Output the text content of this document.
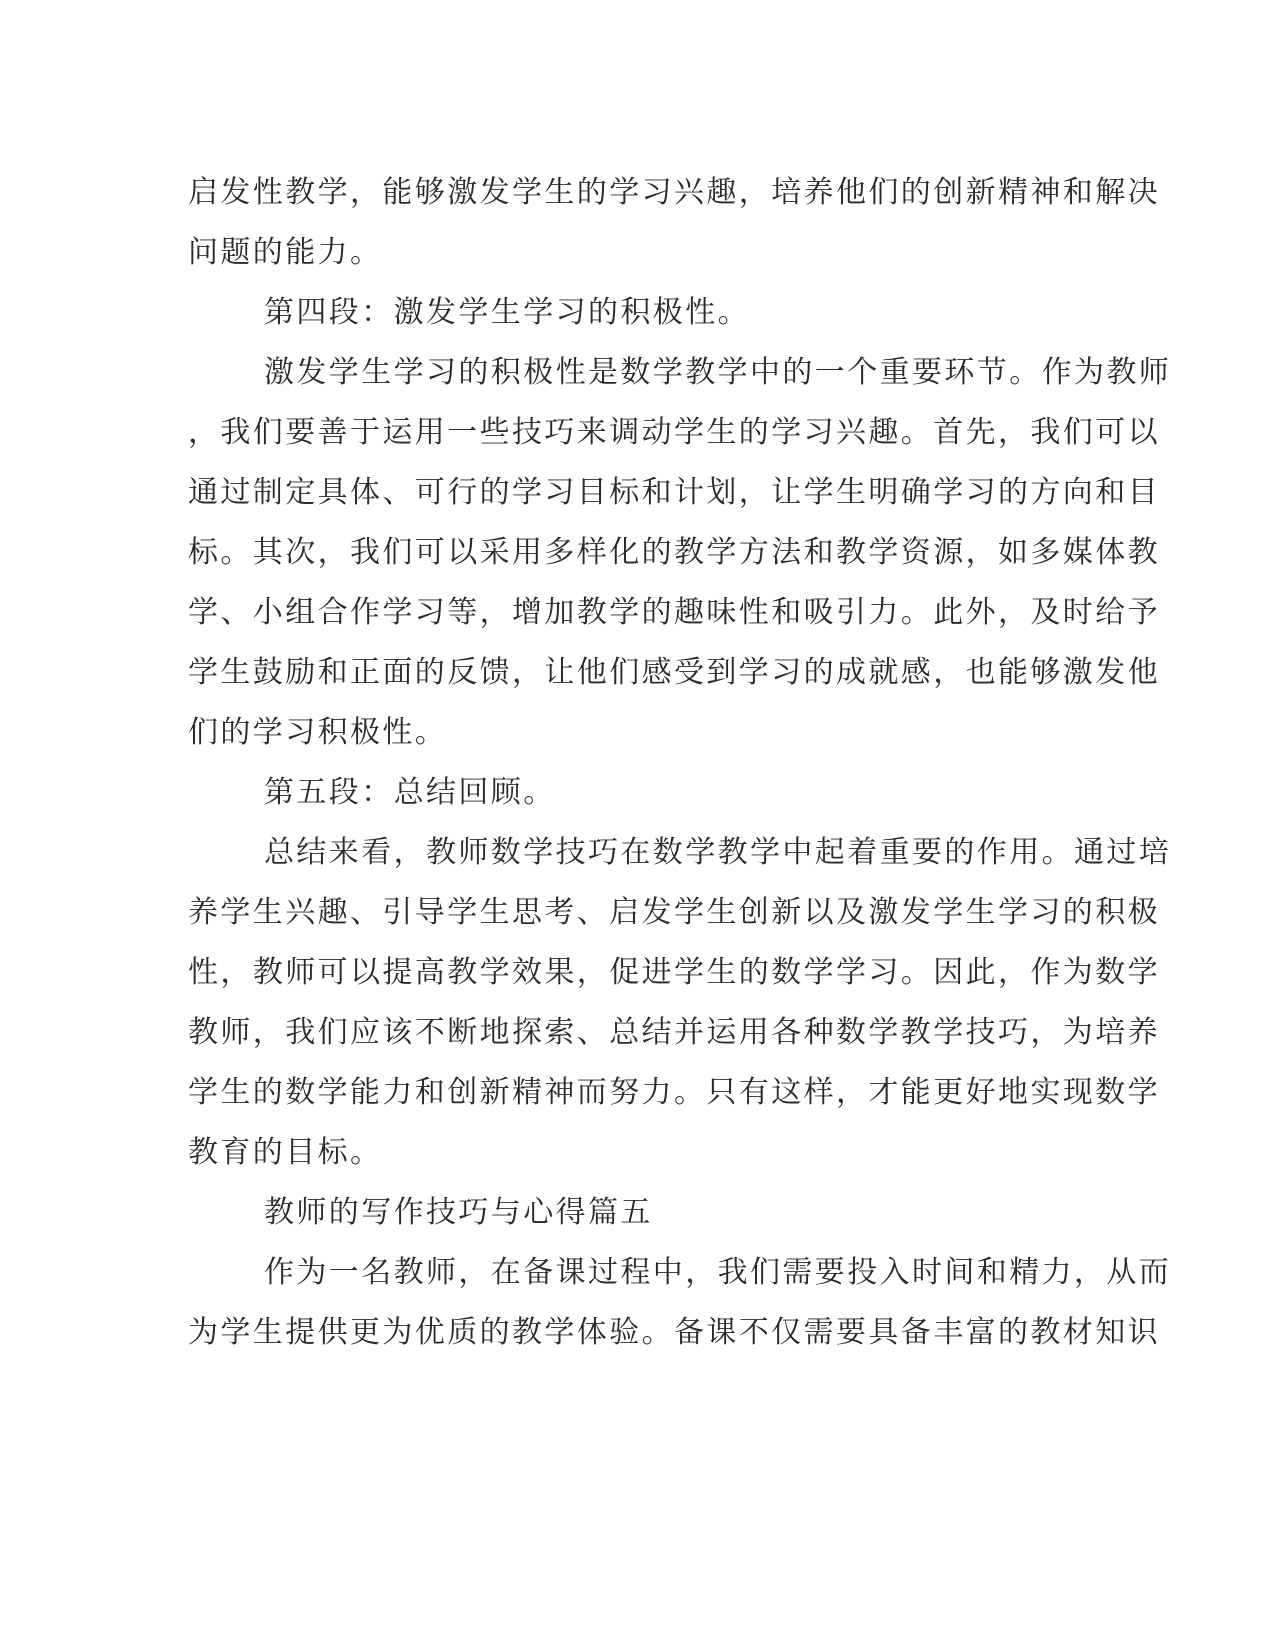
启发性教学，能够激发学生的学习兴趣，培养他们的创新精神和解决

问题的能力。

第四段：激发学生学习的积极性。

激发学生学习的积极性是数学教学中的一个重要环节。作为教师

，我们要善于运用一些技巧来调动学生的学习兴趣。首先，我们可以

通过制定具体、可行的学习目标和计划，让学生明确学习的方向和目

标。其次，我们可以采用多样化的教学方法和教学资源，如多媒体教

学、小组合作学习等，增加教学的趣味性和吸引力。此外，及时给予

学生鼓励和正面的反馈，让他们感受到学习的成就感，也能够激发他

们的学习积极性。

第五段：总结回顾。

总结来看，教师数学技巧在数学教学中起着重要的作用。通过培

养学生兴趣、引导学生思考、启发学生创新以及激发学生学习的积极

性，教师可以提高教学效果，促进学生的数学学习。因此，作为数学

教师，我们应该不断地探索、总结并运用各种数学教学技巧，为培养

学生的数学能力和创新精神而努力。只有这样，才能更好地实现数学

教育的目标。

教师的写作技巧与心得篇五

作为一名教师，在备课过程中，我们需要投入时间和精力，从而

为学生提供更为优质的教学体验。备课不仅需要具备丰富的教材知识
